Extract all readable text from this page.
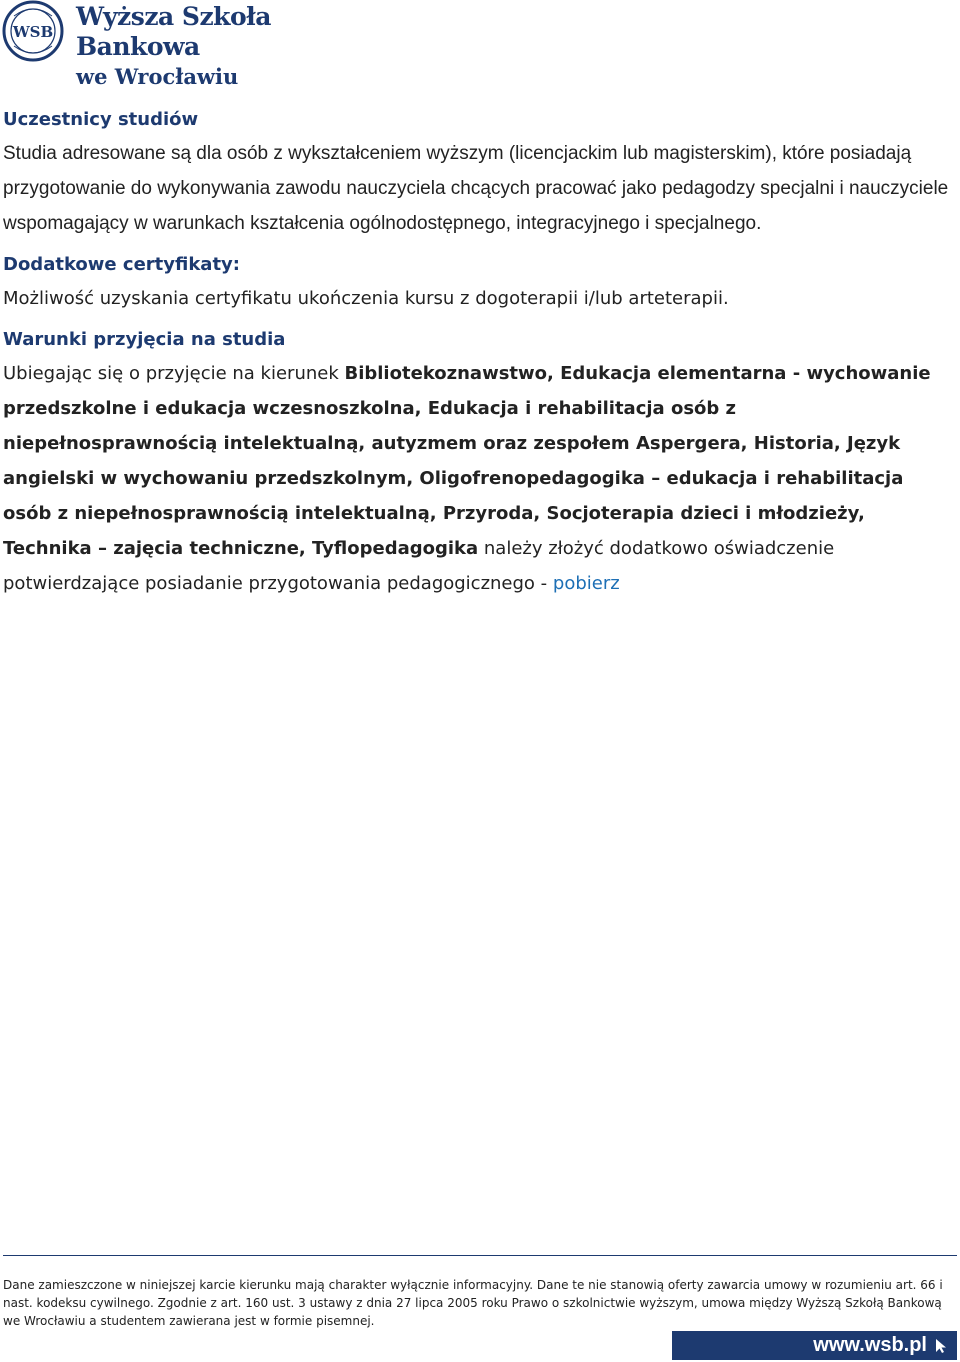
WSB
Wyższa Szkoła Bankowa
we Wrocławiu
Uczestnicy studiów

Studia adresowane są dla osób z wykształceniem wyższym (licencjackim lub magisterskim), które posiadają przygotowanie do wykonywania zawodu nauczyciela chcących pracować jako pedagodzy specjalni i nauczyciele wspomagający w warunkach kształcenia ogólnodostępnego, integracyjnego i specjalnego.

Dodatkowe certyfikaty:

Możliwość uzyskania certyfikatu ukończenia kursu z dogoterapii i/lub arteterapii.

Warunki przyjęcia na studia

Ubiegając się o przyjęcie na kierunek Bibliotekoznawstwo, Edukacja elementarna - wychowanie przedszkolne i edukacja wczesnoszkolna, Edukacja i rehabilitacja osób z niepełnosprawnością intelektualną, autyzmem oraz zespołem Aspergera, Historia, Język angielski w wychowaniu przedszkolnym, Oligofrenopedagogika – edukacja i rehabilitacja osób z niepełnosprawnością intelektualną, Przyroda, Socjoterapia dzieci i młodzieży, Technika – zajęcia techniczne, Tyflopedagogika należy złożyć dodatkowo oświadczenie potwierdzające posiadanie przygotowania pedagogicznego - pobierz

Dane zamieszczone w niniejszej karcie kierunku mają charakter wyłącznie informacyjny. Dane te nie stanowią oferty zawarcia umowy w rozumieniu art. 66 i nast. kodeksu cywilnego. Zgodnie z art. 160 ust. 3 ustawy z dnia 27 lipca 2005 roku Prawo o szkolnictwie wyższym, umowa między Wyższą Szkołą Bankową we Wrocławiu a studentem zawierana jest w formie pisemnej.

www.wsb.pl
